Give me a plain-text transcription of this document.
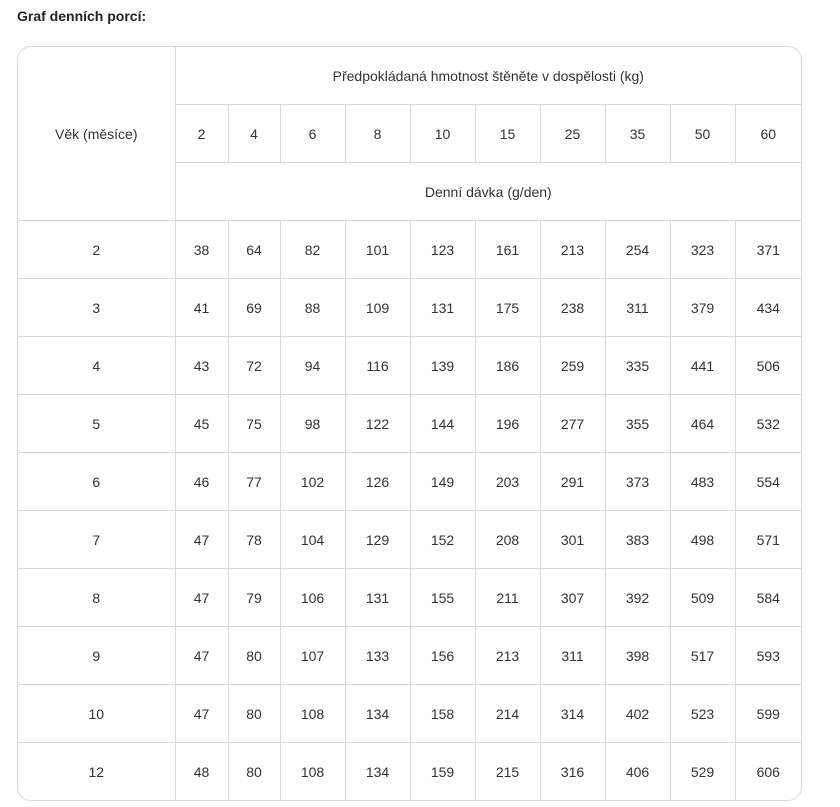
Graf denních porcí:
Věk (měsíce)	Předpokládaná hmotnost štěněte v dospělosti (kg)									
	2	4	6	8	10	15	25	35	50	60
	Denní dávka (g/den)									
2	38	64	82	101	123	161	213	254	323	371
3	41	69	88	109	131	175	238	311	379	434
4	43	72	94	116	139	186	259	335	441	506
5	45	75	98	122	144	196	277	355	464	532
6	46	77	102	126	149	203	291	373	483	554
7	47	78	104	129	152	208	301	383	498	571
8	47	79	106	131	155	211	307	392	509	584
9	47	80	107	133	156	213	311	398	517	593
10	47	80	108	134	158	214	314	402	523	599
12	48	80	108	134	159	215	316	406	529	606
